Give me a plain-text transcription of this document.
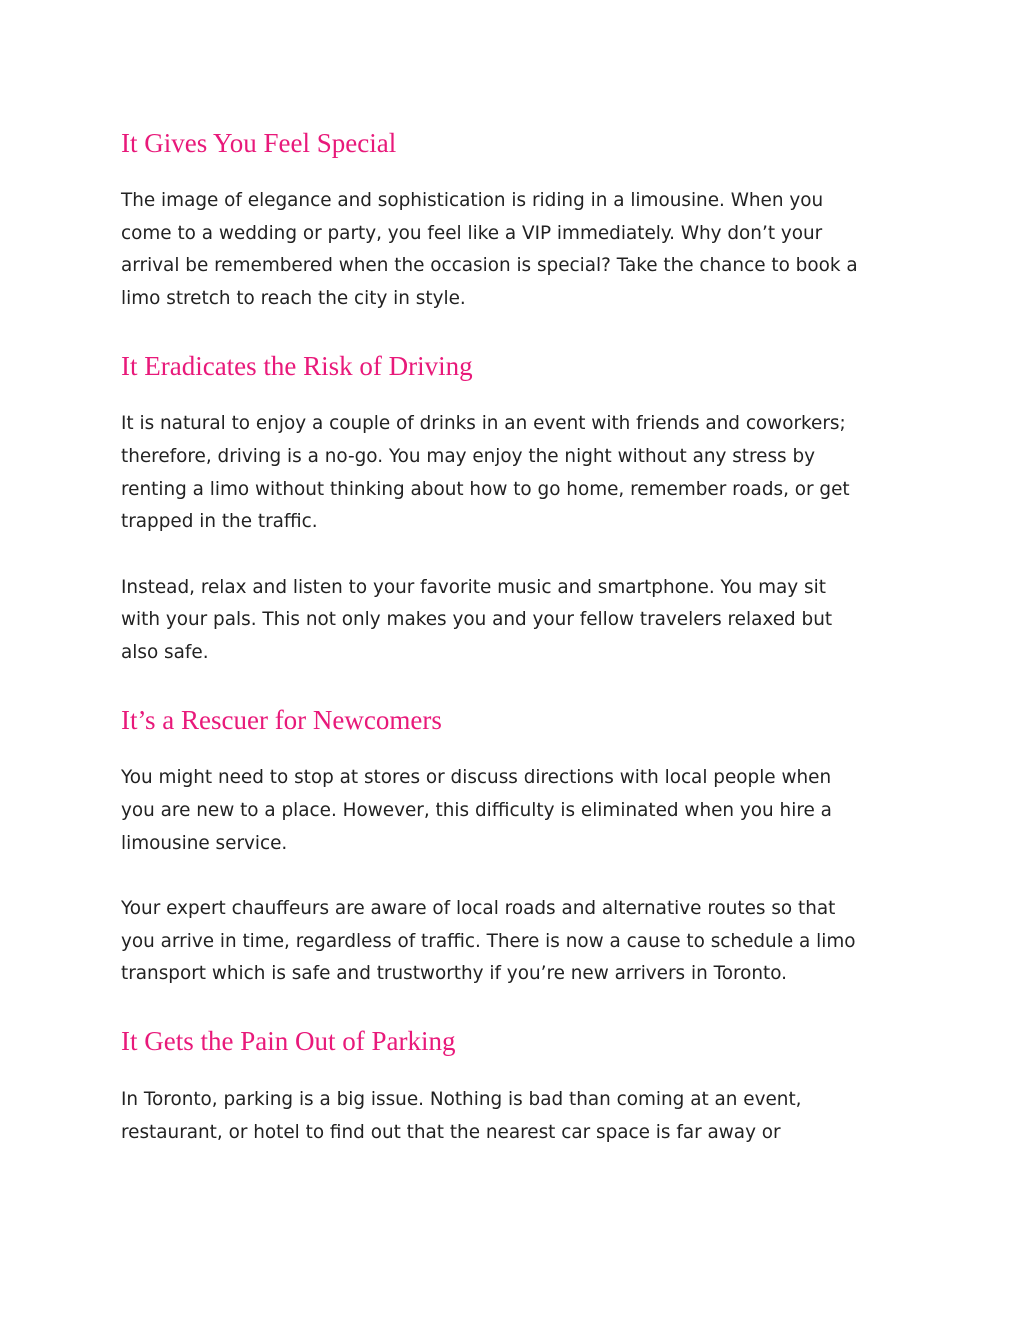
It Gives You Feel Special

The image of elegance and sophistication is riding in a limousine. When you

come to a wedding or party, you feel like a VIP immediately. Why don’t your

arrival be remembered when the occasion is special? Take the chance to book a

limo stretch to reach the city in style.

It Eradicates the Risk of Driving

It is natural to enjoy a couple of drinks in an event with friends and coworkers;

therefore, driving is a no-go. You may enjoy the night without any stress by

renting a limo without thinking about how to go home, remember roads, or get

trapped in the traffic.

Instead, relax and listen to your favorite music and smartphone. You may sit

with your pals. This not only makes you and your fellow travelers relaxed but

also safe.

It’s a Rescuer for Newcomers

You might need to stop at stores or discuss directions with local people when

you are new to a place. However, this difficulty is eliminated when you hire a

limousine service.

Your expert chauffeurs are aware of local roads and alternative routes so that

you arrive in time, regardless of traffic. There is now a cause to schedule a limo

transport which is safe and trustworthy if you’re new arrivers in Toronto.

It Gets the Pain Out of Parking

In Toronto, parking is a big issue. Nothing is bad than coming at an event,

restaurant, or hotel to find out that the nearest car space is far away or
